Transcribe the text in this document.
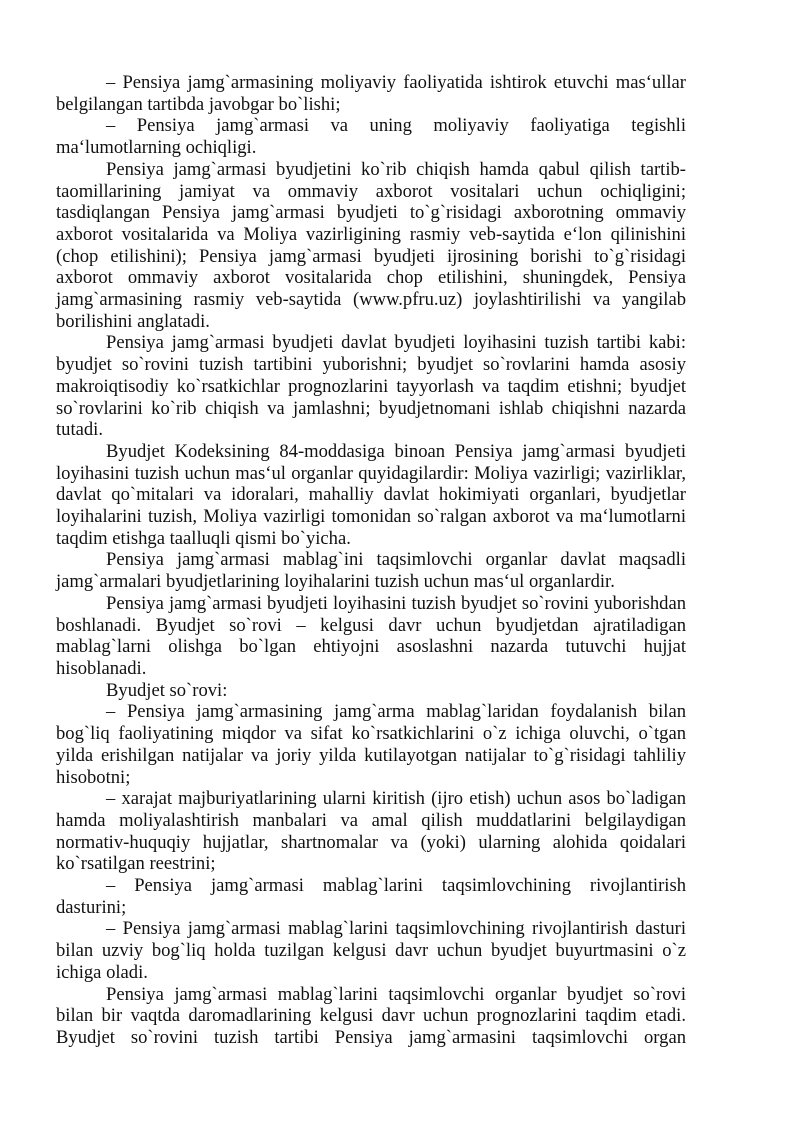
– Pensiya jamg`armasining moliyaviy faoliyatida ishtirok etuvchi mas‘ullar belgilangan tartibda javobgar bo`lishi;

– Pensiya jamg`armasi va uning moliyaviy faoliyatiga tegishli ma‘lumotlarning ochiqligi.

Pensiya jamg`armasi byudjetini ko`rib chiqish hamda qabul qilish tartib-taomillarining jamiyat va ommaviy axborot vositalari uchun ochiqligini; tasdiqlangan Pensiya jamg`armasi byudjeti to`g`risidagi axborotning ommaviy axborot vositalarida va Moliya vazirligining rasmiy veb-saytida e‘lon qilinishini (chop etilishini); Pensiya jamg`armasi byudjeti ijrosining borishi to`g`risidagi axborot ommaviy axborot vositalarida chop etilishini, shuningdek, Pensiya jamg`armasining rasmiy veb-saytida (www.pfru.uz) joylashtirilishi va yangilab borilishini anglatadi.

Pensiya jamg`armasi byudjeti davlat byudjeti loyihasini tuzish tartibi kabi: byudjet so`rovini tuzish tartibini yuborishni; byudjet so`rovlarini hamda asosiy makroiqtisodiy ko`rsatkichlar prognozlarini tayyorlash va taqdim etishni; byudjet so`rovlarini ko`rib chiqish va jamlashni; byudjetnomani ishlab chiqishni nazarda tutadi.

Byudjet Kodeksining 84-moddasiga binoan Pensiya jamg`armasi byudjeti loyihasini tuzish uchun mas‘ul organlar quyidagilardir: Moliya vazirligi; vazirliklar, davlat qo`mitalari va idoralari, mahalliy davlat hokimiyati organlari, byudjetlar loyihalarini tuzish, Moliya vazirligi tomonidan so`ralgan axborot va ma‘lumotlarni taqdim etishga taalluqli qismi bo`yicha.

Pensiya jamg`armasi mablag`ini taqsimlovchi organlar davlat maqsadli jamg`armalari byudjetlarining loyihalarini tuzish uchun mas‘ul organlardir.

Pensiya jamg`armasi byudjeti loyihasini tuzish byudjet so`rovini yuborishdan boshlanadi. Byudjet so`rovi – kelgusi davr uchun byudjetdan ajratiladigan mablag`larni olishga bo`lgan ehtiyojni asoslashni nazarda tutuvchi hujjat hisoblanadi.

Byudjet so`rovi:

– Pensiya jamg`armasining jamg`arma mablag`laridan foydalanish bilan bog`liq faoliyatining miqdor va sifat ko`rsatkichlarini o`z ichiga oluvchi, o`tgan yilda erishilgan natijalar va joriy yilda kutilayotgan natijalar to`g`risidagi tahliliy hisobotni;

– xarajat majburiyatlarining ularni kiritish (ijro etish) uchun asos bo`ladigan hamda moliyalashtirish manbalari va amal qilish muddatlarini belgilaydigan normativ-huquqiy hujjatlar, shartnomalar va (yoki) ularning alohida qoidalari ko`rsatilgan reestrini;

– Pensiya jamg`armasi mablag`larini taqsimlovchining rivojlantirish dasturini;

– Pensiya jamg`armasi mablag`larini taqsimlovchining rivojlantirish dasturi bilan uzviy bog`liq holda tuzilgan kelgusi davr uchun byudjet buyurtmasini o`z ichiga oladi.

Pensiya jamg`armasi mablag`larini taqsimlovchi organlar byudjet so`rovi bilan bir vaqtda daromadlarining kelgusi davr uchun prognozlarini taqdim etadi. Byudjet so`rovini tuzish tartibi Pensiya jamg`armasini taqsimlovchi organ
